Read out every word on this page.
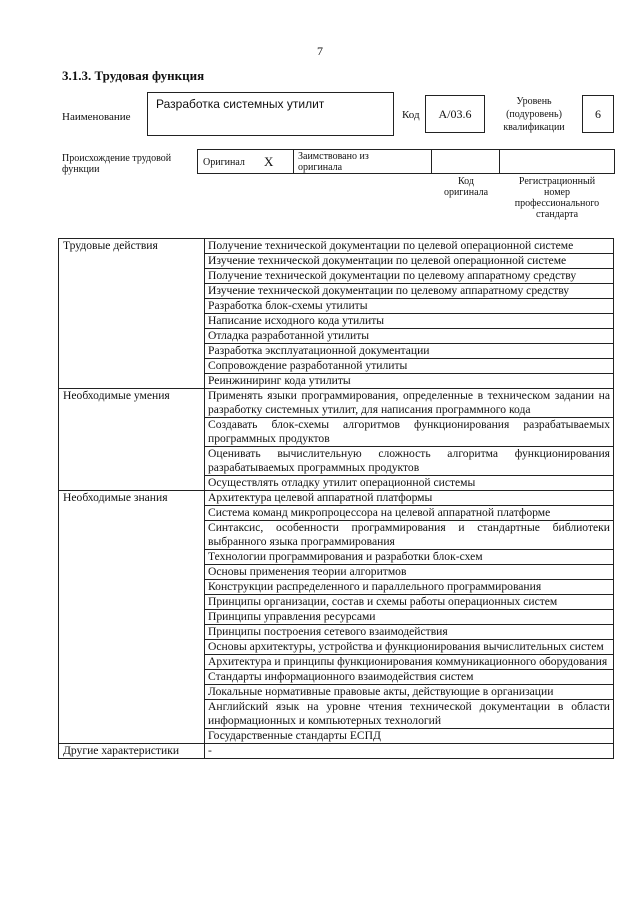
7
3.1.3. Трудовая функция
Наименование
Разработка системных утилит
Код	A/03.6
Уровень
(подуровень)
квалификации
6
Происхождение трудовой
функции
Оригинал X Заимствовано из
оригинала
Код
оригинала
Регистрационный
номер
профессионального
стандарта
Трудовые действия	Получение технической документации по целевой операционной системе
	Изучение технической документации по целевой операционной системе
	Получение технической документации по целевому аппаратному средству
	Изучение технической документации по целевому аппаратному средству
	Разработка блок-схемы утилиты
	Написание исходного кода утилиты
	Отладка разработанной утилиты
	Разработка эксплуатационной документации
	Сопровождение разработанной утилиты
	Реинжиниринг кода утилиты
Необходимые умения	Применять языки программирования, определенные в техническом задании на разработку системных утилит, для написания программного кода
	Создавать блок-схемы алгоритмов функционирования разрабатываемых программных продуктов
	Оценивать вычислительную сложность алгоритма функционирования разрабатываемых программных продуктов
	Осуществлять отладку утилит операционной системы
Необходимые знания	Архитектура целевой аппаратной платформы
	Система команд микропроцессора на целевой аппаратной платформе
	Синтаксис, особенности программирования и стандартные библиотеки выбранного языка программирования
	Технологии программирования и разработки блок-схем
	Основы применения теории алгоритмов
	Конструкции распределенного и параллельного программирования
	Принципы организации, состав и схемы работы операционных систем
	Принципы управления ресурсами
	Принципы построения сетевого взаимодействия
	Основы архитектуры, устройства и функционирования вычислительных систем
	Архитектура и принципы функционирования коммуникационного оборудования
	Стандарты информационного взаимодействия систем
	Локальные нормативные правовые акты, действующие в организации
	Английский язык на уровне чтения технической документации в области информационных и компьютерных технологий
	Государственные стандарты ЕСПД
Другие характеристики	-
